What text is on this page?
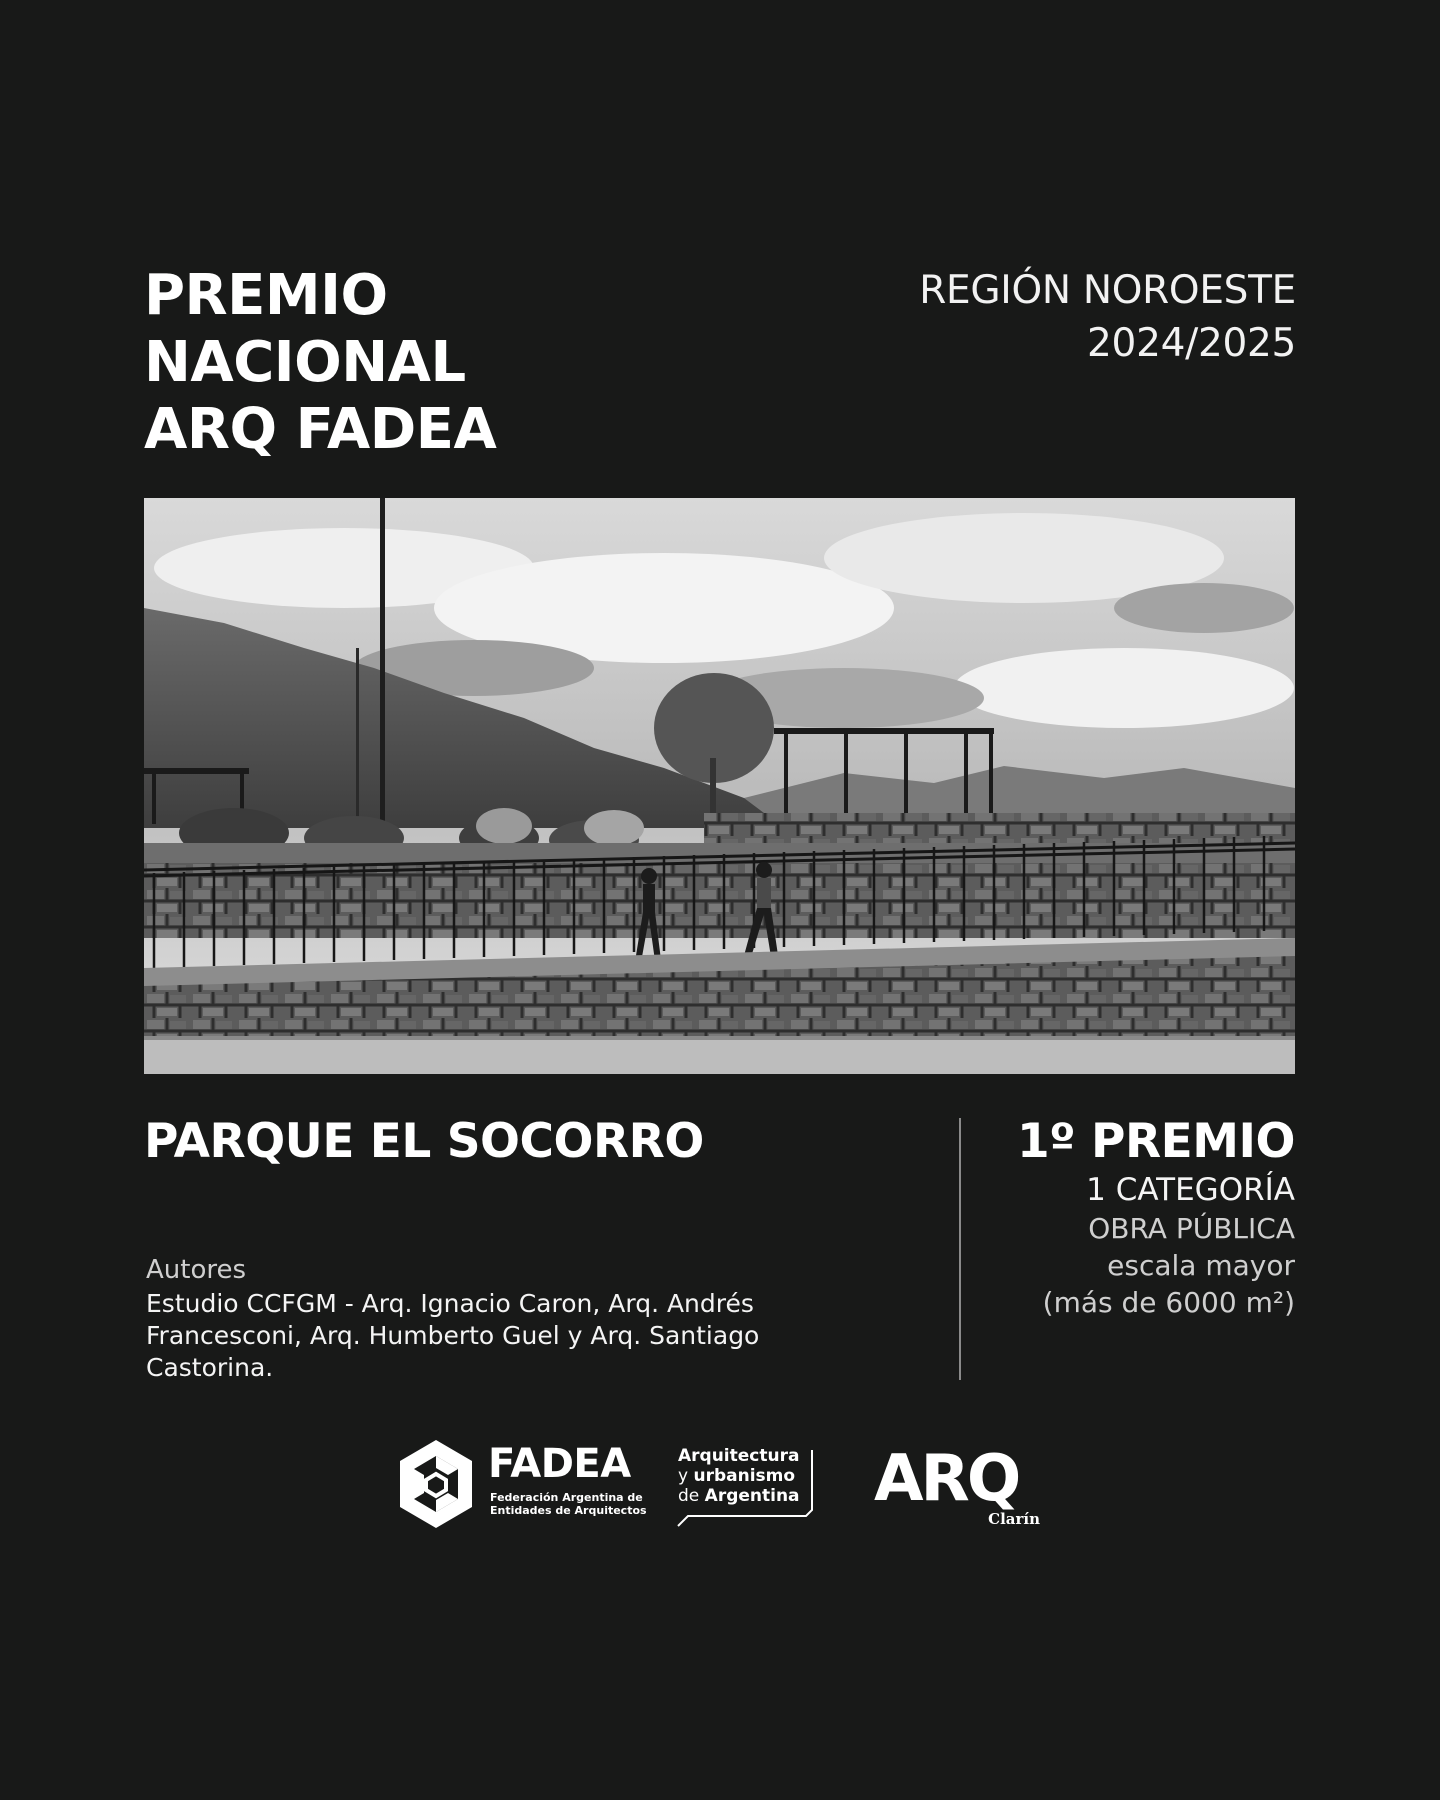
PREMIO
NACIONAL
ARQ FADEA
REGIÓN NOROESTE
2024/2025
PARQUE EL SOCORRO
Autores
Estudio CCFGM - Arq. Ignacio Caron, Arq. Andrés Francesconi, Arq. Humberto Guel y Arq. Santiago Castorina.
1º PREMIO
1 CATEGORÍA
OBRA PÚBLICA
escala mayor
(más de 6000 m²)
FADEA
Federación Argentina de
Entidades de Arquitectos
Arquitectura
y urbanismo
de Argentina ARQ
Clarín
